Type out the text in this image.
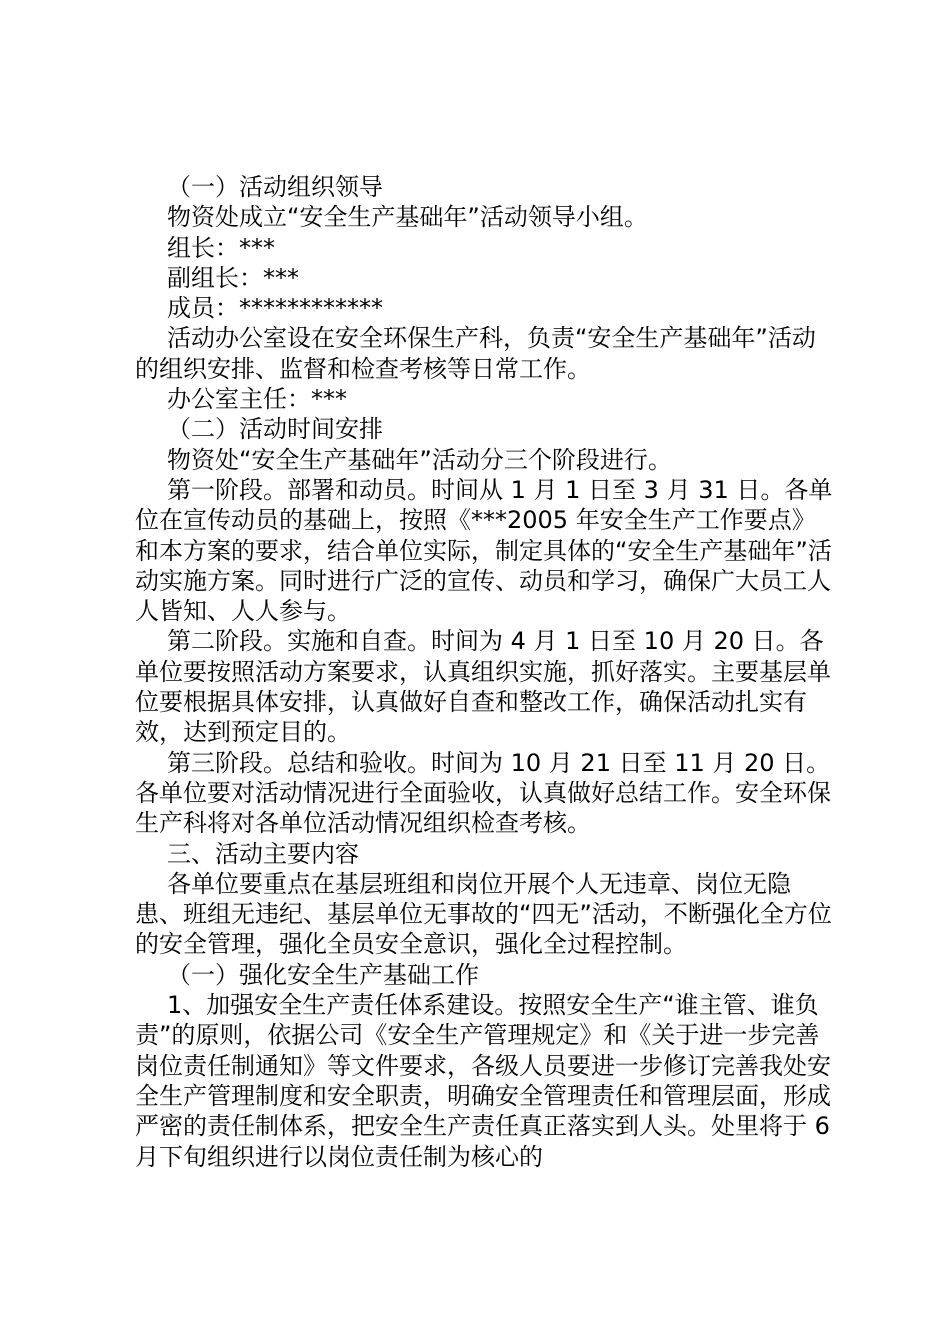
（一）活动组织领导

物资处成立“安全生产基础年”活动领导小组。

组长：***

副组长：***

成员：************

活动办公室设在安全环保生产科，负责“安全生产基础年”活动的组织安排、监督和检查考核等日常工作。

办公室主任：***

（二）活动时间安排

物资处“安全生产基础年”活动分三个阶段进行。

第一阶段。部署和动员。时间从 1 月 1 日至 3 月 31 日。各单位在宣传动员的基础上，按照《***2005 年安全生产工作要点》和本方案的要求，结合单位实际，制定具体的“安全生产基础年”活动实施方案。同时进行广泛的宣传、动员和学习，确保广大员工人人皆知、人人参与。

第二阶段。实施和自查。时间为 4 月 1 日至 10 月 20 日。各单位要按照活动方案要求，认真组织实施，抓好落实。主要基层单位要根据具体安排，认真做好自查和整改工作，确保活动扎实有效，达到预定目的。

第三阶段。总结和验收。时间为 10 月 21 日至 11 月 20 日。各单位要对活动情况进行全面验收，认真做好总结工作。安全环保生产科将对各单位活动情况组织检查考核。

三、活动主要内容

各单位要重点在基层班组和岗位开展个人无违章、岗位无隐患、班组无违纪、基层单位无事故的“四无”活动，不断强化全方位的安全管理，强化全员安全意识，强化全过程控制。

（一）强化安全生产基础工作

1、加强安全生产责任体系建设。按照安全生产“谁主管、谁负责”的原则，依据公司《安全生产管理规定》和《关于进一步完善岗位责任制通知》等文件要求，各级人员要进一步修订完善我处安全生产管理制度和安全职责，明确安全管理责任和管理层面，形成严密的责任制体系，把安全生产责任真正落实到人头。处里将于 6 月下旬组织进行以岗位责任制为核心的
